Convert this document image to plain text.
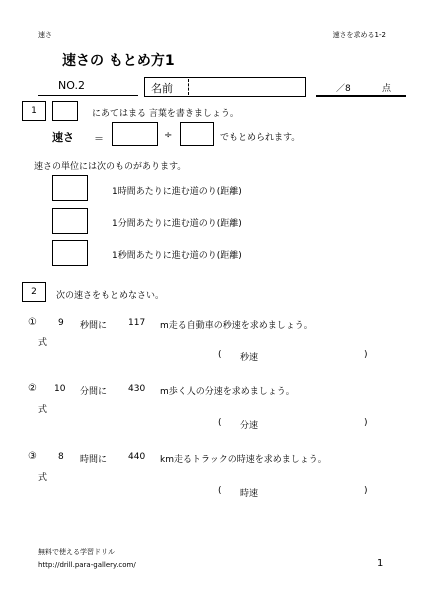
速さ	速さを求める1-2
速さの もとめ方1
NO.2	名前	／8	点
1	にあてはまる 言葉を書きましょう。
速さ ＝	÷	でもとめられます。
速さの単位には次のものがあります。
1時間あたりに進む道のり(距離)
1分間あたりに進む道のり(距離)
1秒間あたりに進む道のり(距離)
2	次の速さをもとめなさい。
① 9 秒間に 117 m走る自動車の秒速を求めましょう。
式
( 秒速	)
② 10 分間に 430 m歩く人の分速を求めましょう。
式
( 分速	)
③ 8 時間に 440 km走るトラックの時速を求めましょう。
式
( 時速	)
無料で使える学習ドリル
http://drill.para-gallery.com/	1
